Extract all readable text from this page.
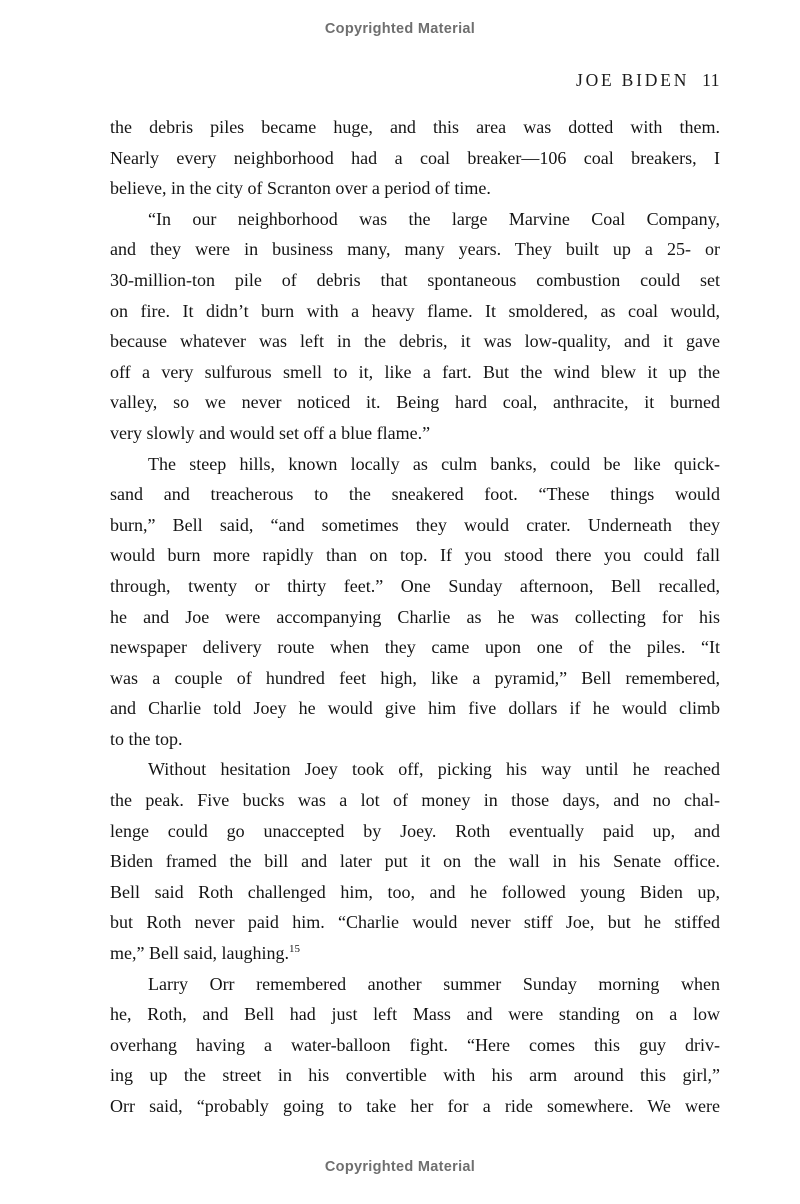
Copyrighted Material
JOE BIDEN 11
the debris piles became huge, and this area was dotted with them.
Nearly every neighborhood had a coal breaker—106 coal breakers, I
believe, in the city of Scranton over a period of time.
“In our neighborhood was the large Marvine Coal Company,
and they were in business many, many years. They built up a 25- or
30-million-ton pile of debris that spontaneous combustion could set
on fire. It didn’t burn with a heavy flame. It smoldered, as coal would,
because whatever was left in the debris, it was low-quality, and it gave
off a very sulfurous smell to it, like a fart. But the wind blew it up the
valley, so we never noticed it. Being hard coal, anthracite, it burned
very slowly and would set off a blue flame.”
The steep hills, known locally as culm banks, could be like quick-
sand and treacherous to the sneakered foot. “These things would
burn,” Bell said, “and sometimes they would crater. Underneath they
would burn more rapidly than on top. If you stood there you could fall
through, twenty or thirty feet.” One Sunday afternoon, Bell recalled,
he and Joe were accompanying Charlie as he was collecting for his
newspaper delivery route when they came upon one of the piles. “It
was a couple of hundred feet high, like a pyramid,” Bell remembered,
and Charlie told Joey he would give him five dollars if he would climb
to the top.
Without hesitation Joey took off, picking his way until he reached
the peak. Five bucks was a lot of money in those days, and no chal-
lenge could go unaccepted by Joey. Roth eventually paid up, and
Biden framed the bill and later put it on the wall in his Senate office.
Bell said Roth challenged him, too, and he followed young Biden up,
but Roth never paid him. “Charlie would never stiff Joe, but he stiffed
me,” Bell said, laughing.$^{15}$
Larry Orr remembered another summer Sunday morning when
he, Roth, and Bell had just left Mass and were standing on a low
overhang having a water-balloon fight. “Here comes this guy driv-
ing up the street in his convertible with his arm around this girl,”
Orr said, “probably going to take her for a ride somewhere. We were
Copyrighted Material
